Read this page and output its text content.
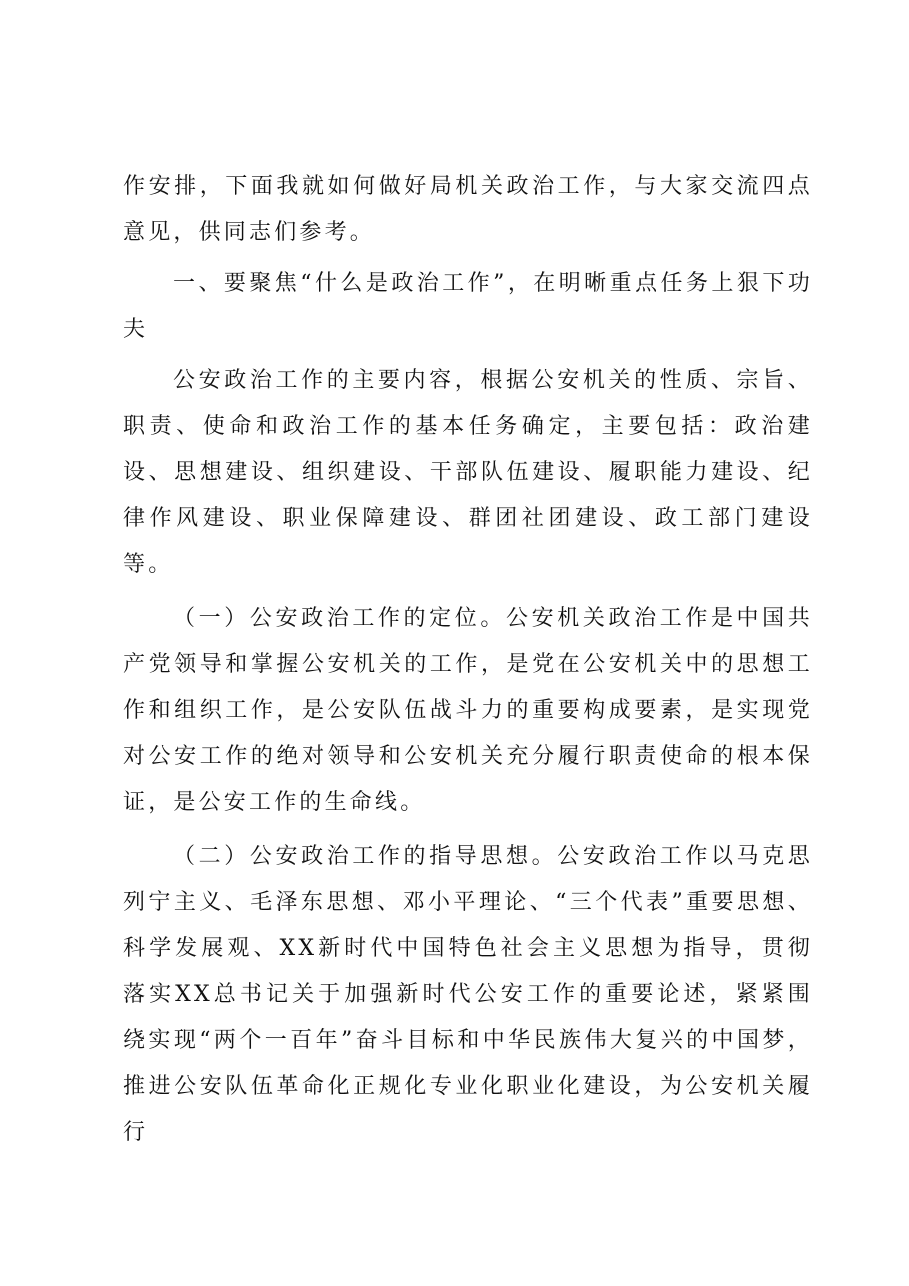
作安排，下面我就如何做好局机关政治工作，与大家交流四点意见，供同志们参考。

一、要聚焦“什么是政治工作”，在明晰重点任务上狠下功夫

公安政治工作的主要内容，根据公安机关的性质、宗旨、职责、使命和政治工作的基本任务确定，主要包括：政治建设、思想建设、组织建设、干部队伍建设、履职能力建设、纪律作风建设、职业保障建设、群团社团建设、政工部门建设等。

（一）公安政治工作的定位。公安机关政治工作是中国共产党领导和掌握公安机关的工作，是党在公安机关中的思想工作和组织工作，是公安队伍战斗力的重要构成要素，是实现党对公安工作的绝对领导和公安机关充分履行职责使命的根本保证，是公安工作的生命线。

（二）公安政治工作的指导思想。公安政治工作以马克思列宁主义、毛泽东思想、邓小平理论、“三个代表”重要思想、科学发展观、XX新时代中国特色社会主义思想为指导，贯彻落实XX总书记关于加强新时代公安工作的重要论述，紧紧围绕实现“两个一百年”奋斗目标和中华民族伟大复兴的中国梦，推进公安队伍革命化正规化专业化职业化建设，为公安机关履行
